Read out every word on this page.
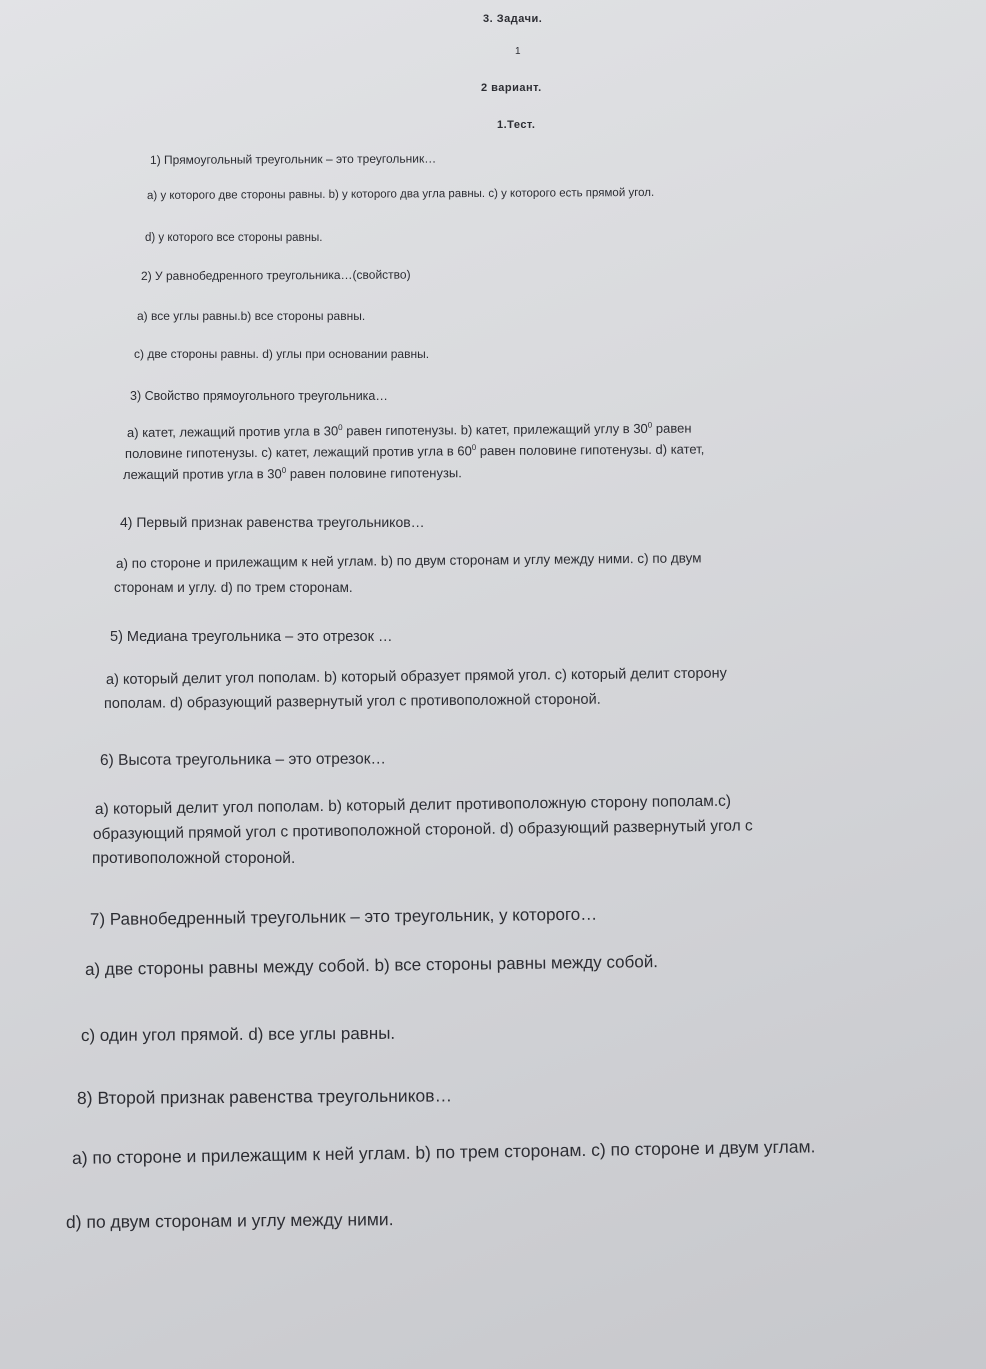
3. Задачи.
1
2 вариант.
1.Тест.
1) Прямоугольный треугольник – это треугольник…
а) у которого две стороны равны. b) у которого два угла равны. с) у которого есть прямой угол.
d) у которого все стороны равны.
2) У равнобедренного треугольника…(свойство)
а) все углы равны.b) все стороны равны.
с) две стороны равны. d) углы при основании равны.
3) Свойство прямоугольного треугольника…
а) катет, лежащий против угла в $30^0$ равен гипотенузы. b) катет, прилежащий углу в $30^0$ равен
половине гипотенузы. с) катет, лежащий против угла в $60^0$ равен половине гипотенузы. d) катет,
лежащий против угла в $30^0$ равен половине гипотенузы.
4) Первый признак равенства треугольников…
а) по стороне и прилежащим к ней углам. b) по двум сторонам и углу между ними. с) по двум
сторонам и углу. d) по трем сторонам.
5) Медиана треугольника – это отрезок …
а) который делит угол пополам. b) который образует прямой угол. с) который делит сторону
пополам. d) образующий развернутый угол с противоположной стороной.
6) Высота треугольника – это отрезок…
а) который делит угол пополам. b) который делит противоположную сторону пополам.с)
образующий прямой угол с противоположной стороной. d) образующий развернутый угол с
противоположной стороной.
7) Равнобедренный треугольник – это треугольник, у которого…
а) две стороны равны между собой. b) все стороны равны между собой.
с) один угол прямой. d) все углы равны.
8) Второй признак равенства треугольников…
а) по стороне и прилежащим к ней углам. b) по трем сторонам. с) по стороне и двум углам.
d) по двум сторонам и углу между ними.
